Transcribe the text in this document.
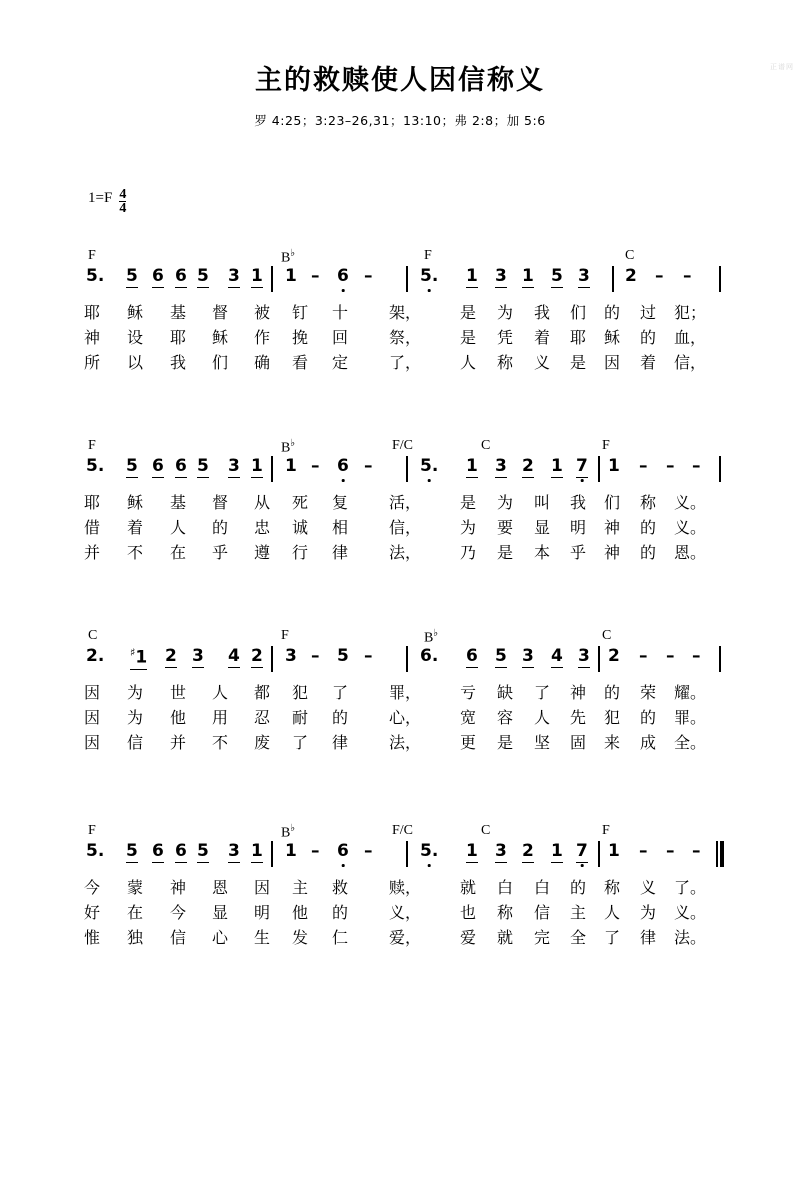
正谱网
主的救赎使人因信称义
罗 4:25；3:23–26,31；13:10；弗 2:8；加 5:6
$1=F \frac{4}{4}$
F	B♭	F	C
5. 5 6 6 5 3 1 1 – 6 –	5. 1 3 1 5 3 2 – –
耶 稣 基 督 被 钉 十	架， 是 为 我 们 的 过 犯；
神 设 耶 稣 作 挽 回	祭， 是 凭 着 耶 稣 的 血，
所 以 我 们 确 看 定	了， 人 称 义 是 因 着 信，
F	B♭	F/C	C	F
5. 5 6 6 5 3 1 1 – 6 –	5. 1 3 2 1 7 1 – – –
耶 稣 基 督 从 死 复	活， 是 为 叫 我 们 称 义。
借 着 人 的 忠 诚 相	信， 为 要 显 明 神 的 义。
并 不 在 乎 遵 行 律	法， 乃 是 本 乎 神 的 恩。
C	F	B♭	C
2. ♯1 2 3 4 2 3 – 5 –	6. 6 5 3 4 3 2 – – –
因 为 世 人 都 犯 了	罪， 亏 缺 了 神 的 荣 耀。
因 为 他 用 忍 耐 的	心， 宽 容 人 先 犯 的 罪。
因 信 并 不 废 了 律	法， 更 是 坚 固 来 成 全。
F	B♭	F/C	C	F
5. 5 6 6 5 3 1 1 – 6 –	5. 1 3 2 1 7 1 – – –
今 蒙 神 恩 因 主 救	赎， 就 白 白 的 称 义 了。
好 在 今 显 明 他 的	义， 也 称 信 主 人 为 义。
惟 独 信 心 生 发 仁	爱， 爱 就 完 全 了 律 法。
